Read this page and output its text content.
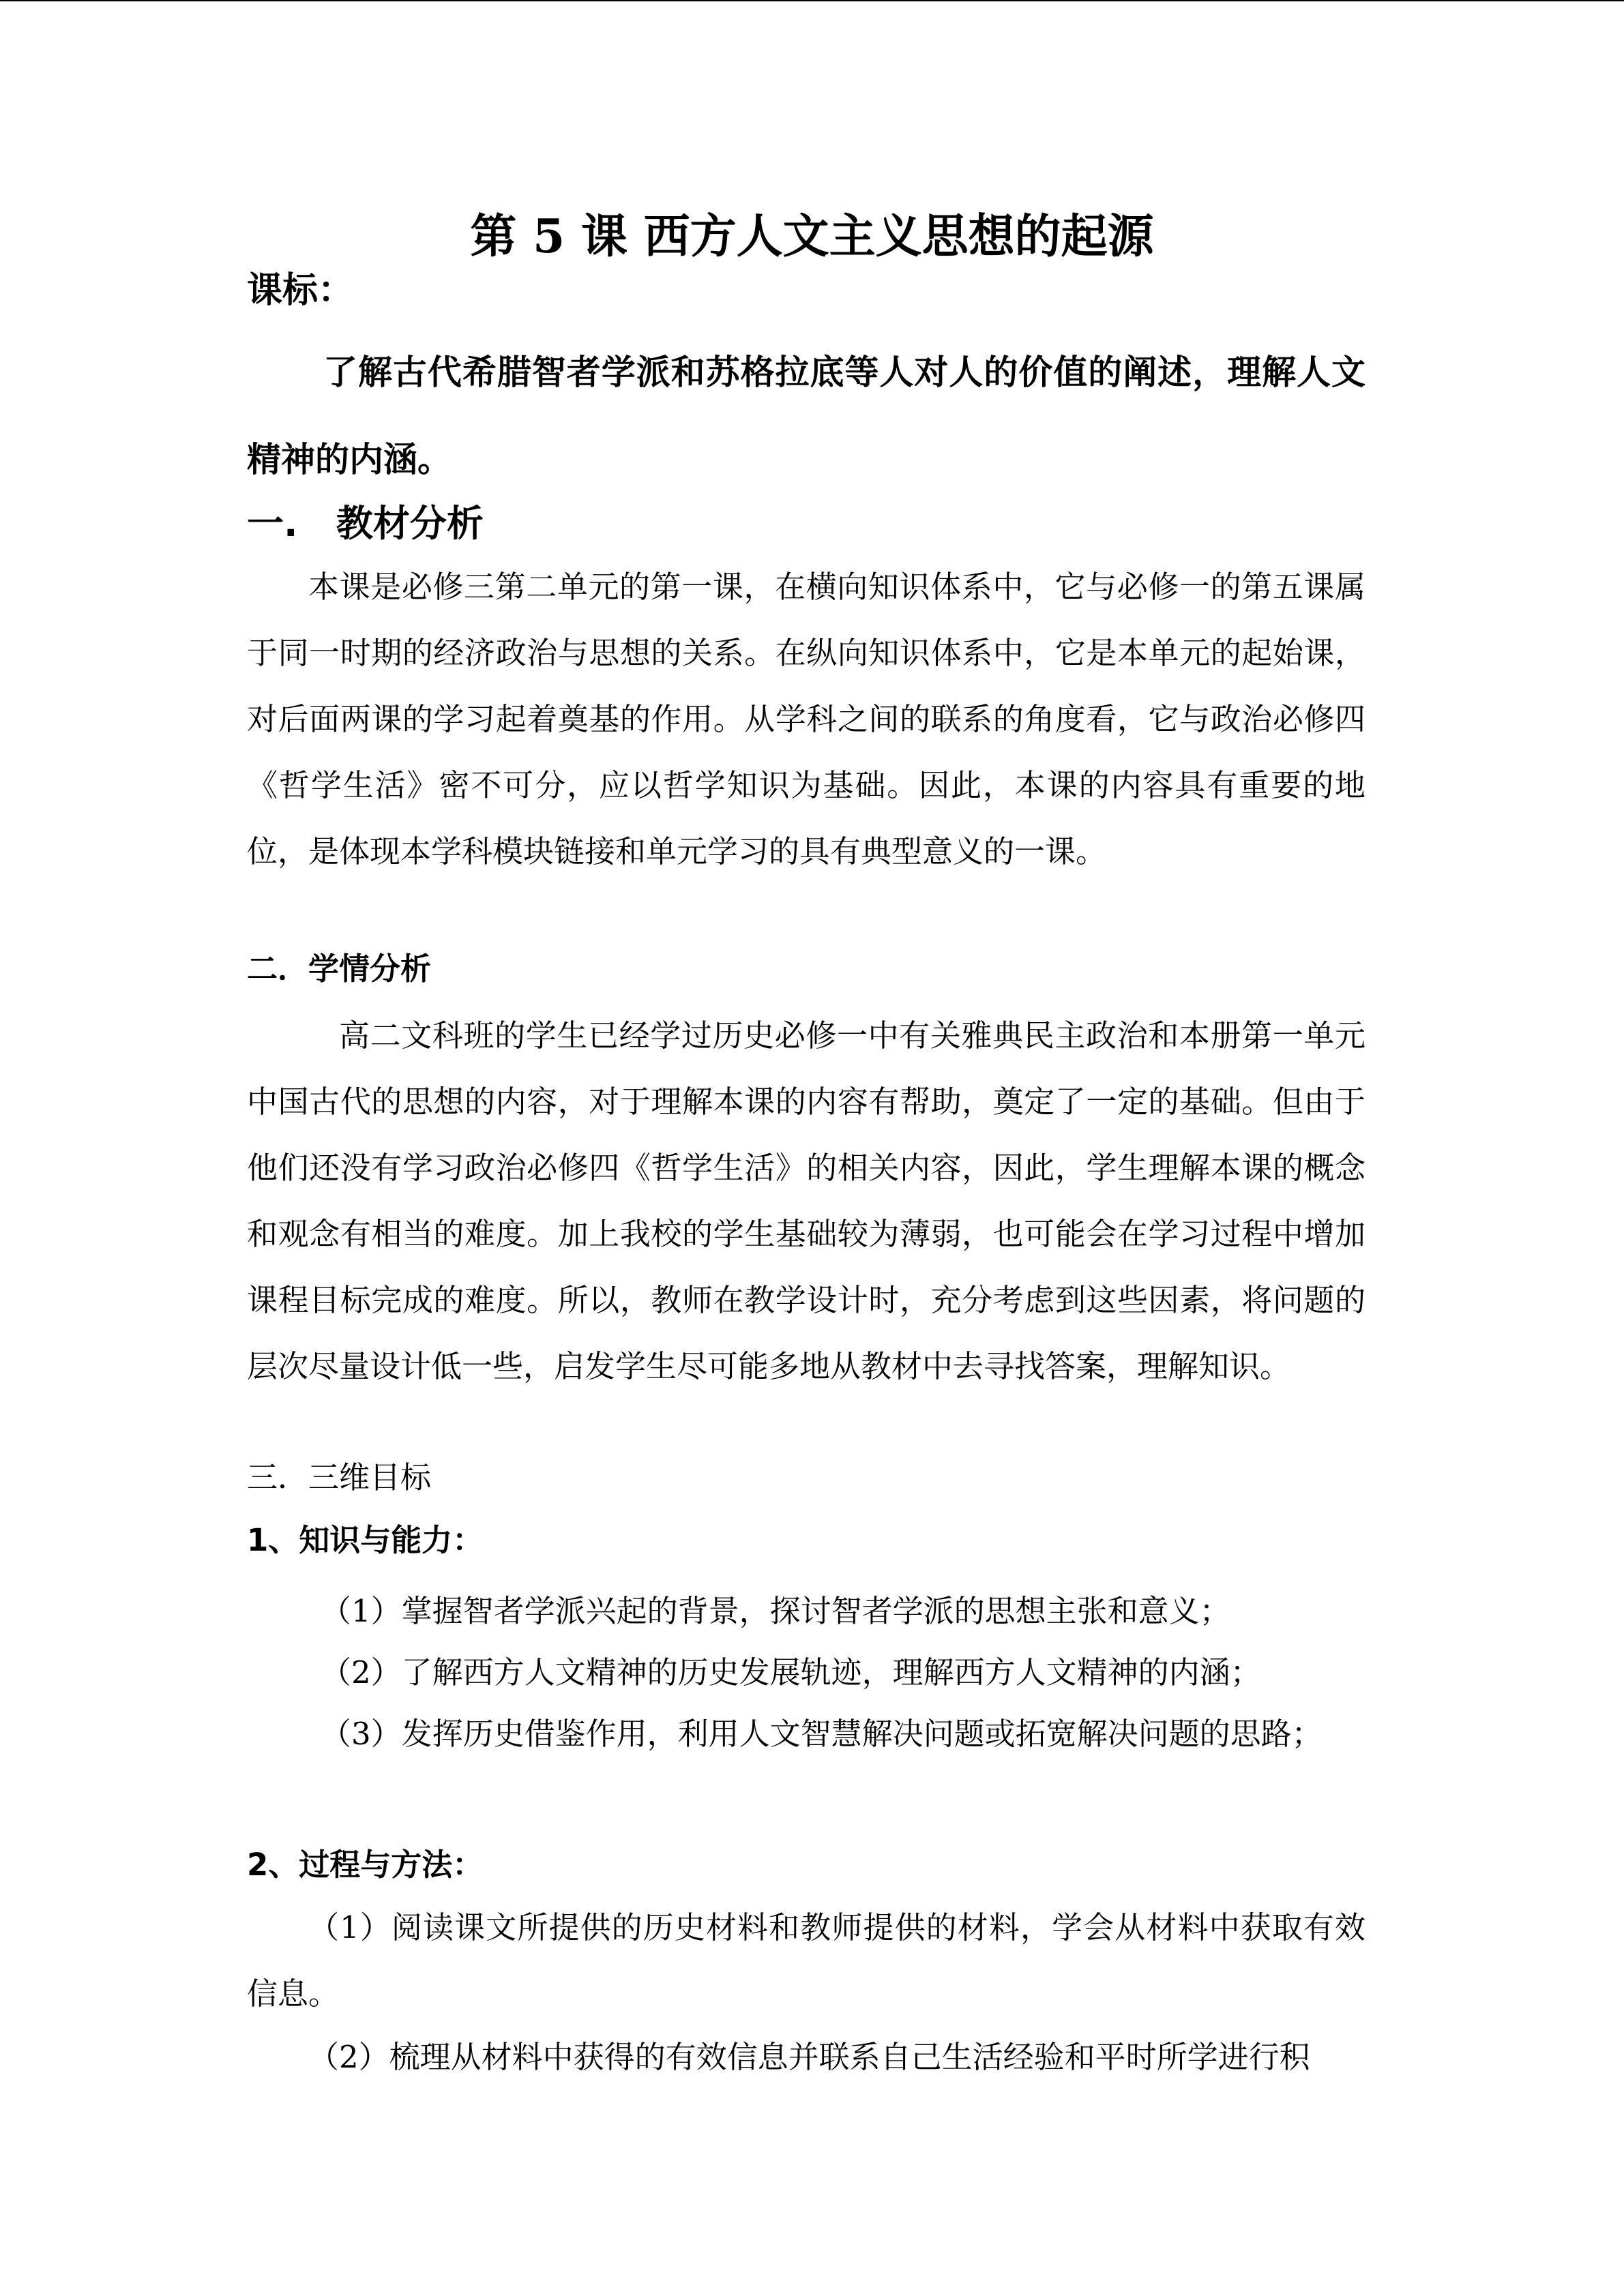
第 5 课 西方人文主义思想的起源
课标：
了解古代希腊智者学派和苏格拉底等人对人的价值的阐述，理解人文精神的内涵。
一.   教材分析
本课是必修三第二单元的第一课，在横向知识体系中，它与必修一的第五课属于同一时期的经济政治与思想的关系。在纵向知识体系中，它是本单元的起始课，对后面两课的学习起着奠基的作用。从学科之间的联系的角度看，它与政治必修四《哲学生活》密不可分，应以哲学知识为基础。因此，本课的内容具有重要的地位，是体现本学科模块链接和单元学习的具有典型意义的一课。
二．学情分析
高二文科班的学生已经学过历史必修一中有关雅典民主政治和本册第一单元中国古代的思想的内容，对于理解本课的内容有帮助，奠定了一定的基础。但由于他们还没有学习政治必修四《哲学生活》的相关内容，因此，学生理解本课的概念和观念有相当的难度。加上我校的学生基础较为薄弱，也可能会在学习过程中增加课程目标完成的难度。所以，教师在教学设计时，充分考虑到这些因素，将问题的层次尽量设计低一些，启发学生尽可能多地从教材中去寻找答案，理解知识。
三．三维目标
1、知识与能力：
（1）掌握智者学派兴起的背景，探讨智者学派的思想主张和意义；
（2）了解西方人文精神的历史发展轨迹，理解西方人文精神的内涵；
（3）发挥历史借鉴作用，利用人文智慧解决问题或拓宽解决问题的思路；
2、过程与方法：
（1）阅读课文所提供的历史材料和教师提供的材料，学会从材料中获取有效信息。
（2）梳理从材料中获得的有效信息并联系自己生活经验和平时所学进行积
